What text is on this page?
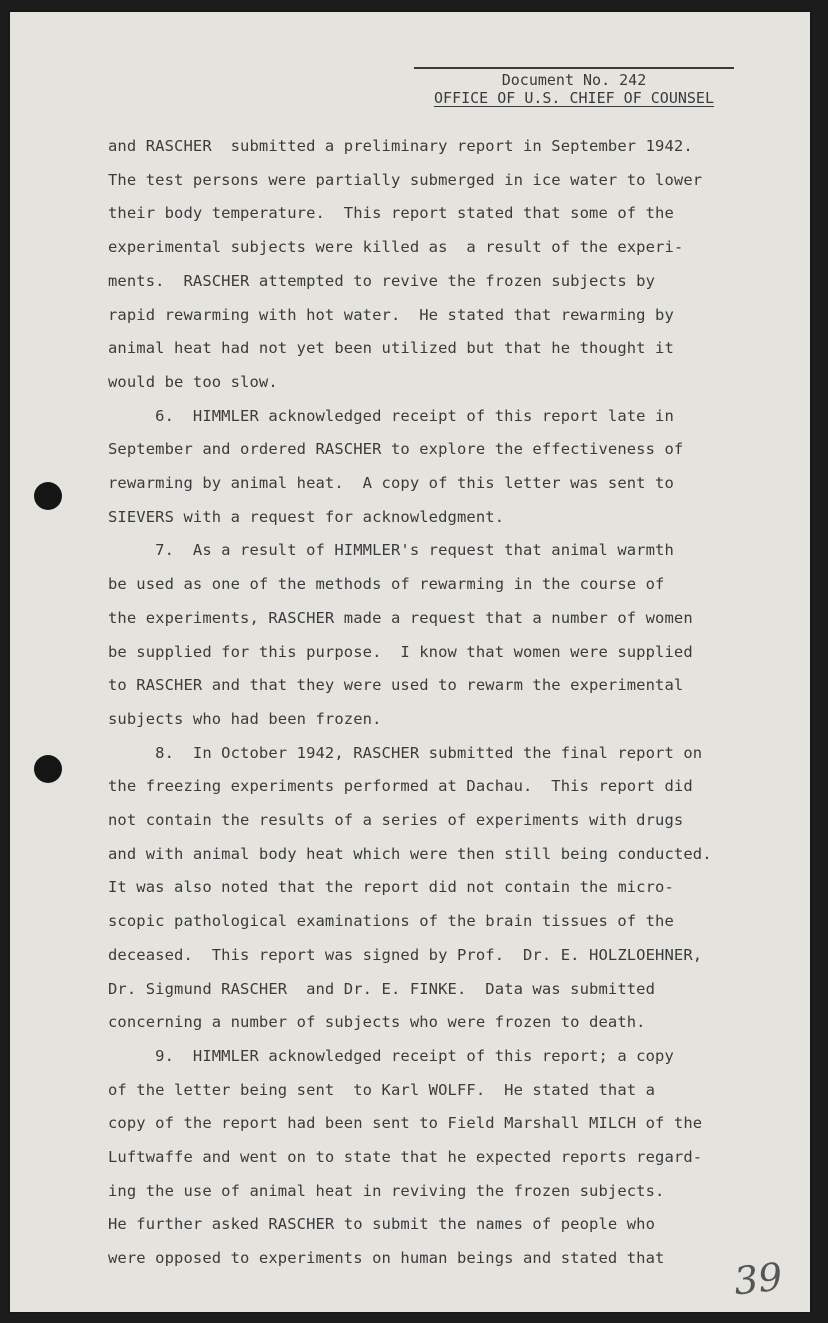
Document No. 242
OFFICE OF U.S. CHIEF OF COUNSEL
and RASCHER  submitted a preliminary report in September 1942.
The test persons were partially submerged in ice water to lower
their body temperature.  This report stated that some of the
experimental subjects were killed as  a result of the experi-
ments.  RASCHER attempted to revive the frozen subjects by
rapid rewarming with hot water.  He stated that rewarming by
animal heat had not yet been utilized but that he thought it
would be too slow.
6.  HIMMLER acknowledged receipt of this report late in
September and ordered RASCHER to explore the effectiveness of
rewarming by animal heat.  A copy of this letter was sent to
SIEVERS with a request for acknowledgment.
7.  As a result of HIMMLER's request that animal warmth
be used as one of the methods of rewarming in the course of
the experiments, RASCHER made a request that a number of women
be supplied for this purpose.  I know that women were supplied
to RASCHER and that they were used to rewarm the experimental
subjects who had been frozen.
8.  In October 1942, RASCHER submitted the final report on
the freezing experiments performed at Dachau.  This report did
not contain the results of a series of experiments with drugs
and with animal body heat which were then still being conducted.
It was also noted that the report did not contain the micro-
scopic pathological examinations of the brain tissues of the
deceased.  This report was signed by Prof.  Dr. E. HOLZLOEHNER,
Dr. Sigmund RASCHER  and Dr. E. FINKE.  Data was submitted
concerning a number of subjects who were frozen to death.
9.  HIMMLER acknowledged receipt of this report; a copy
of the letter being sent  to Karl WOLFF.  He stated that a
copy of the report had been sent to Field Marshall MILCH of the
Luftwaffe and went on to state that he expected reports regard-
ing the use of animal heat in reviving the frozen subjects.
He further asked RASCHER to submit the names of people who
were opposed to experiments on human beings and stated that 39
